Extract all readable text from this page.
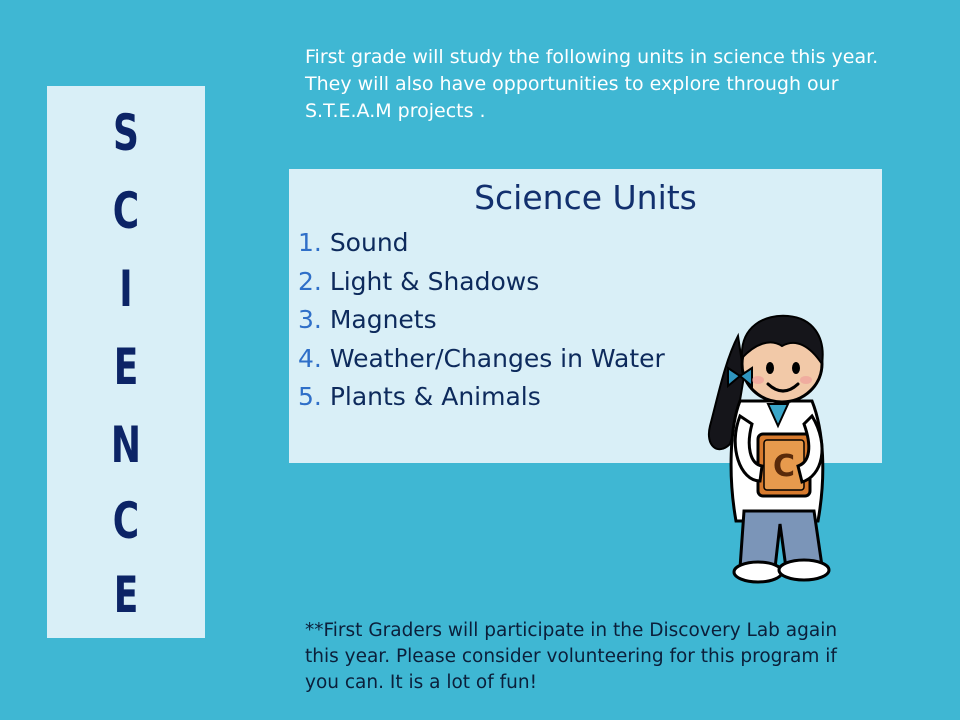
S
C
I
E
N
C
E
First grade will study the following units in science this year. They will also have opportunities to explore through our S.T.E.A.M projects .
Science Units
1. Sound
2. Light & Shadows
3. Magnets
4. Weather/Changes in Water
5. Plants & Animals
C
**First Graders will participate in the Discovery Lab again this year. Please consider volunteering for this program if you can. It is a lot of fun!
